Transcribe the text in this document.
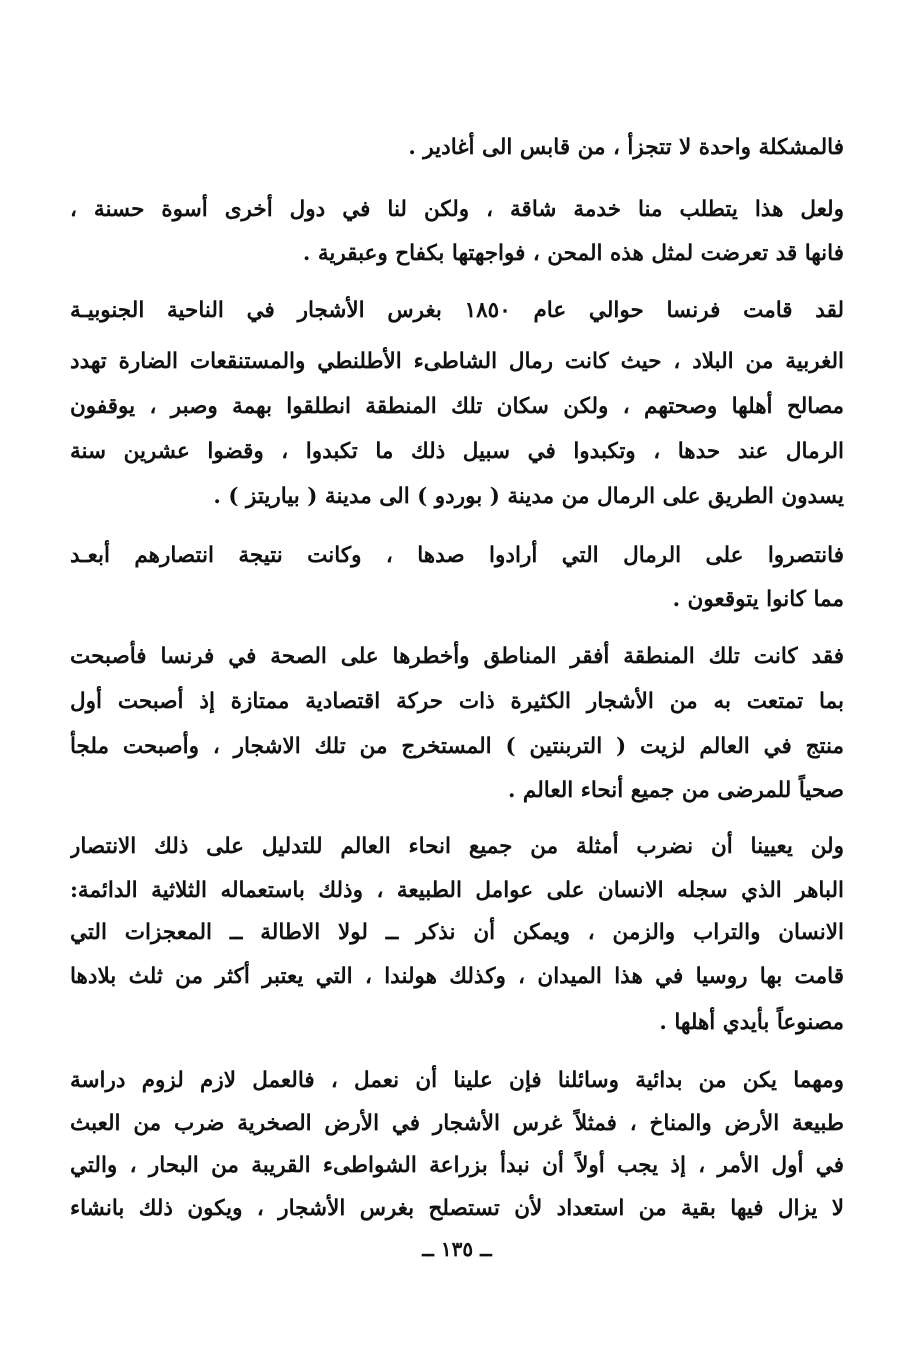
فالمشكلة واحدة لا تتجزأ ، من قابس الى أغادير .
ولعل هذا يتطلب منا خدمة شاقة ، ولكن لنا في دول أخرى أسوة حسنة ،
فانها قد تعرضت لمثل هذه المحن ، فواجهتها بكفاح وعبقرية .
لقد قامت فرنسا حوالي عام ١٨٥٠ بغرس الأشجار في الناحية الجنوبيـة
الغربية من البلاد ، حيث كانت رمال الشاطىء الأطلنطي والمستنقعات الضارة تهدد
مصالح أهلها وصحتهم ، ولكن سكان تلك المنطقة انطلقوا بهمة وصبر ، يوقفون
الرمال عند حدها ، وتكبدوا في سبيل ذلك ما تكبدوا ، وقضوا عشرين سنة
يسدون الطريق على الرمال من مدينة ( بوردو ) الى مدينة ( بياريتز ) .
فانتصروا على الرمال التي أرادوا صدها ، وكانت نتيجة انتصارهم أبعـد
مما كانوا يتوقعون .
فقد كانت تلك المنطقة أفقر المناطق وأخطرها على الصحة في فرنسا فأصبحت
بما تمتعت به من الأشجار الكثيرة ذات حركة اقتصادية ممتازة إذ أصبحت أول
منتج في العالم لزيت ( التربنتين ) المستخرج من تلك الاشجار ، وأصبحت ملجأ
صحياً للمرضى من جميع أنحاء العالم .
ولن يعيينا أن نضرب أمثلة من جميع انحاء العالم للتدليل على ذلك الانتصار
الباهر الذي سجله الانسان على عوامل الطبيعة ، وذلك باستعماله الثلاثية الدائمة:
الانسان والتراب والزمن ، ويمكن أن نذكر ــ لولا الاطالة ــ المعجزات التي
قامت بها روسيا في هذا الميدان ، وكذلك هولندا ، التي يعتبر أكثر من ثلث بلادها
مصنوعاً بأيدي أهلها .
ومهما يكن من بدائية وسائلنا فإن علينا أن نعمل ، فالعمل لازم لزوم دراسة
طبيعة الأرض والمناخ ، فمثلاً غرس الأشجار في الأرض الصخرية ضرب من العبث
في أول الأمر ، إذ يجب أولاً أن نبدأ بزراعة الشواطىء القريبة من البحار ، والتي
لا يزال فيها بقية من استعداد لأن تستصلح بغرس الأشجار ، ويكون ذلك بانشاء
ــ ١٣٥ ــ
